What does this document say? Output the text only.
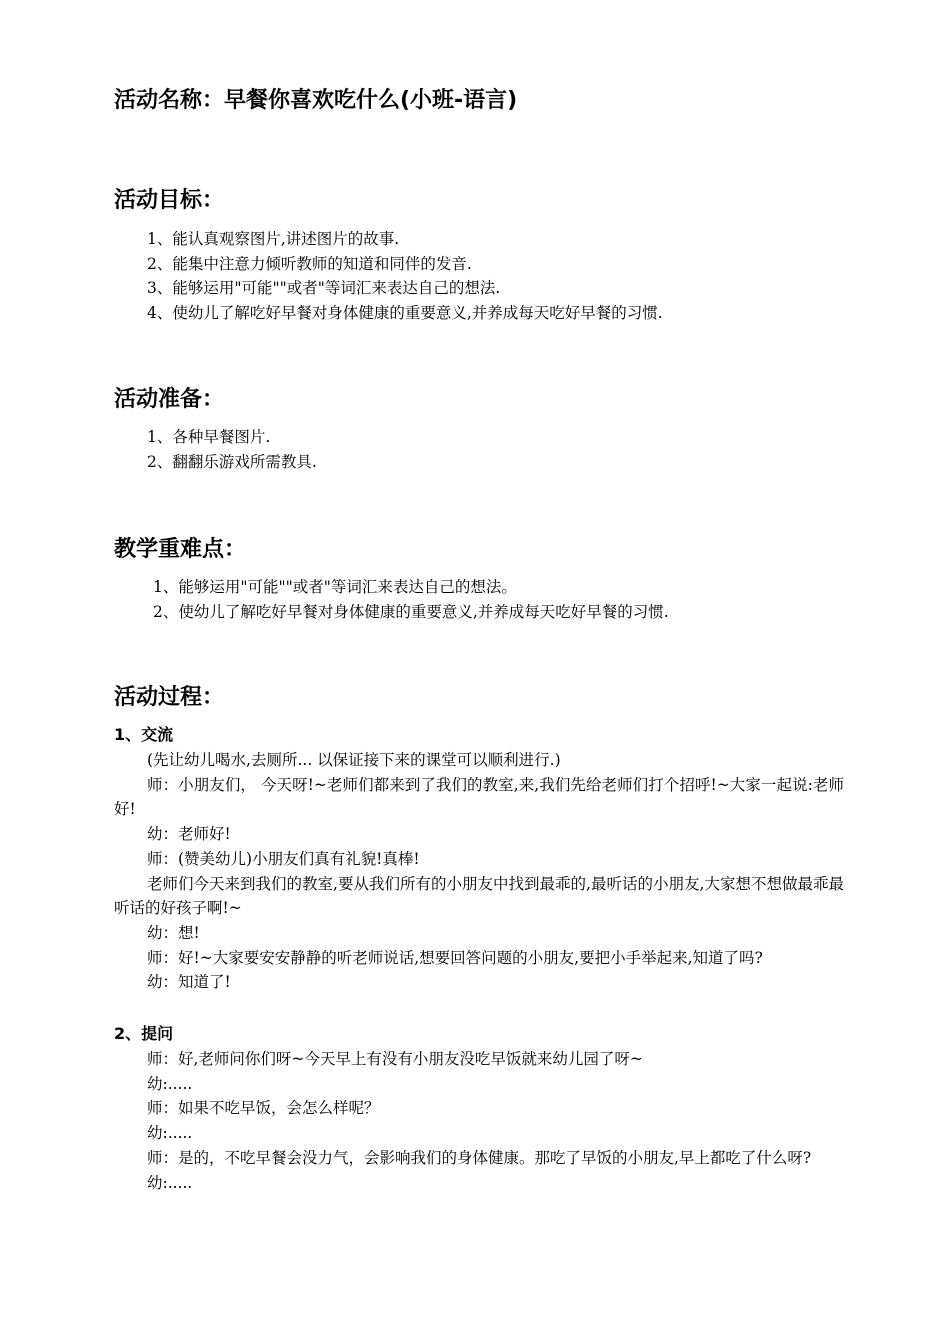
活动名称：早餐你喜欢吃什么(小班-语言)
活动目标：
1、能认真观察图片,讲述图片的故事.
2、能集中注意力倾听教师的知道和同伴的发音.
3、能够运用"可能""或者"等词汇来表达自己的想法.
4、使幼儿了解吃好早餐对身体健康的重要意义,并养成每天吃好早餐的习惯.
活动准备：
1、各种早餐图片.
2、翻翻乐游戏所需教具.
教学重难点：
1、能够运用"可能""或者"等词汇来表达自己的想法。
2、使幼儿了解吃好早餐对身体健康的重要意义,并养成每天吃好早餐的习惯.
活动过程：
1、交流

(先让幼儿喝水,去厕所... 以保证接下来的课堂可以顺利进行.)

师：小朋友们， 今天呀!~老师们都来到了我们的教室,来,我们先给老师们打个招呼!~大家一起说:老师好!

幼：老师好!

师：(赞美幼儿)小朋友们真有礼貌!真棒!

老师们今天来到我们的教室,要从我们所有的小朋友中找到最乖的,最听话的小朋友,大家想不想做最乖最听话的好孩子啊!~

幼：想!

师：好!~大家要安安静静的听老师说话,想要回答问题的小朋友,要把小手举起来,知道了吗?

幼：知道了!

2、提问

师：好,老师问你们呀~今天早上有没有小朋友没吃早饭就来幼儿园了呀~

幼:.....

师：如果不吃早饭，会怎么样呢？

幼:.....

师：是的，不吃早餐会没力气，会影响我们的身体健康。那吃了早饭的小朋友,早上都吃了什么呀?

幼:.....
